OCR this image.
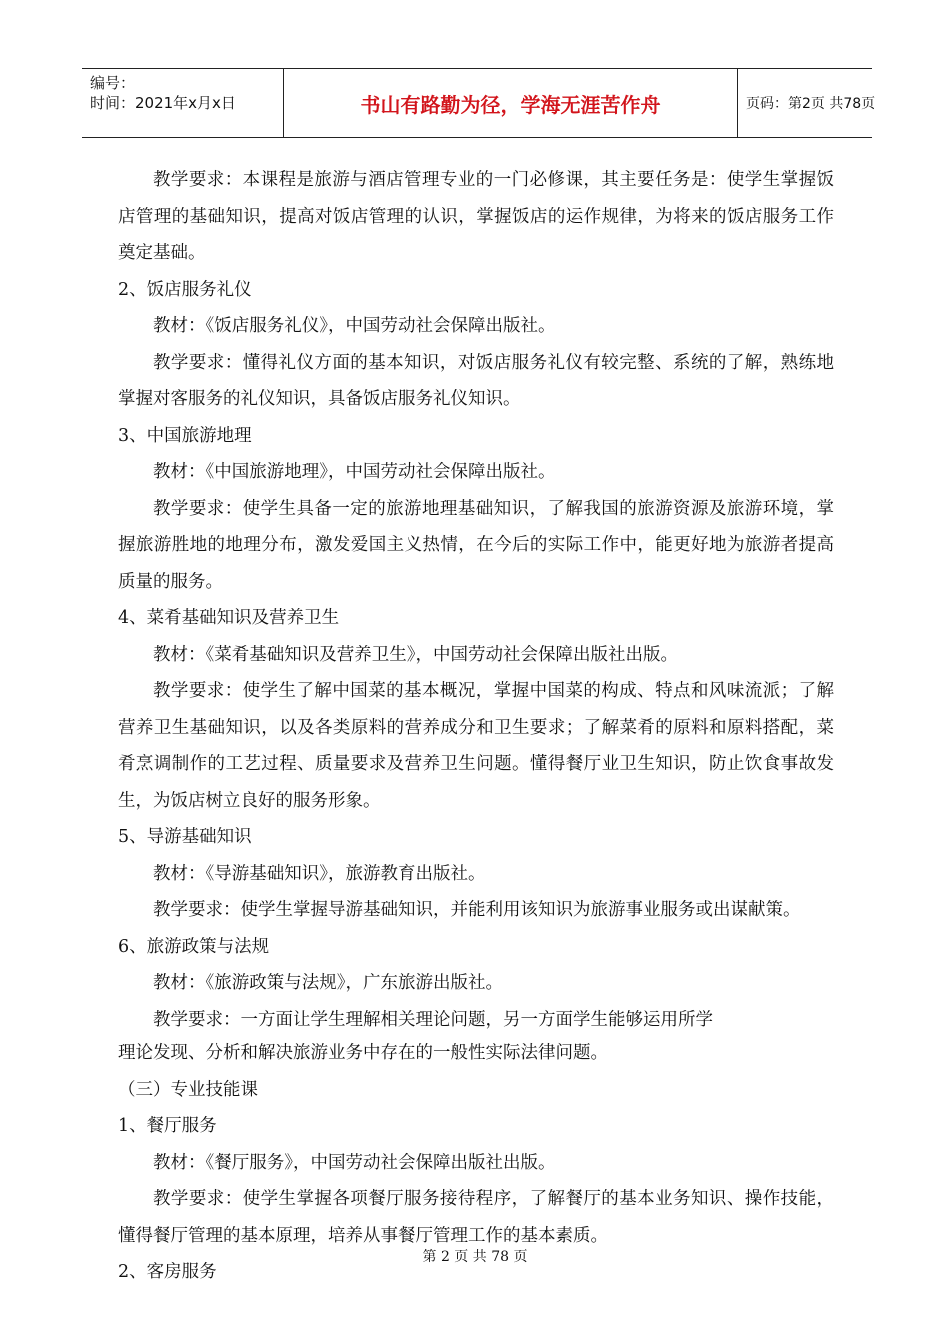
编号：
时间：2021年x月x日	书山有路勤为径，学海无涯苦作舟	页码：第2页 共78页

教学要求：本课程是旅游与酒店管理专业的一门必修课，其主要任务是：使学生掌握饭店管理的基础知识，提高对饭店管理的认识，掌握饭店的运作规律，为将来的饭店服务工作奠定基础。

2、饭店服务礼仪

教材：《饭店服务礼仪》，中国劳动社会保障出版社。

教学要求：懂得礼仪方面的基本知识，对饭店服务礼仪有较完整、系统的了解，熟练地掌握对客服务的礼仪知识，具备饭店服务礼仪知识。

3、中国旅游地理

教材：《中国旅游地理》，中国劳动社会保障出版社。

教学要求：使学生具备一定的旅游地理基础知识，了解我国的旅游资源及旅游环境，掌握旅游胜地的地理分布，激发爱国主义热情，在今后的实际工作中，能更好地为旅游者提高质量的服务。

4、菜肴基础知识及营养卫生

教材：《菜肴基础知识及营养卫生》，中国劳动社会保障出版社出版。

教学要求：使学生了解中国菜的基本概况，掌握中国菜的构成、特点和风味流派；了解营养卫生基础知识，以及各类原料的营养成分和卫生要求；了解菜肴的原料和原料搭配，菜肴烹调制作的工艺过程、质量要求及营养卫生问题。懂得餐厅业卫生知识，防止饮食事故发生，为饭店树立良好的服务形象。

5、导游基础知识

教材：《导游基础知识》，旅游教育出版社。

教学要求：使学生掌握导游基础知识，并能利用该知识为旅游事业服务或出谋献策。

6、旅游政策与法规

教材：《旅游政策与法规》，广东旅游出版社。

教学要求：一方面让学生理解相关理论问题，另一方面学生能够运用所学

理论发现、分析和解决旅游业务中存在的一般性实际法律问题。

（三）专业技能课

1、餐厅服务

教材：《餐厅服务》，中国劳动社会保障出版社出版。

教学要求：使学生掌握各项餐厅服务接待程序，了解餐厅的基本业务知识、操作技能，懂得餐厅管理的基本原理，培养从事餐厅管理工作的基本素质。

2、客房服务

第 2 页 共 78 页
